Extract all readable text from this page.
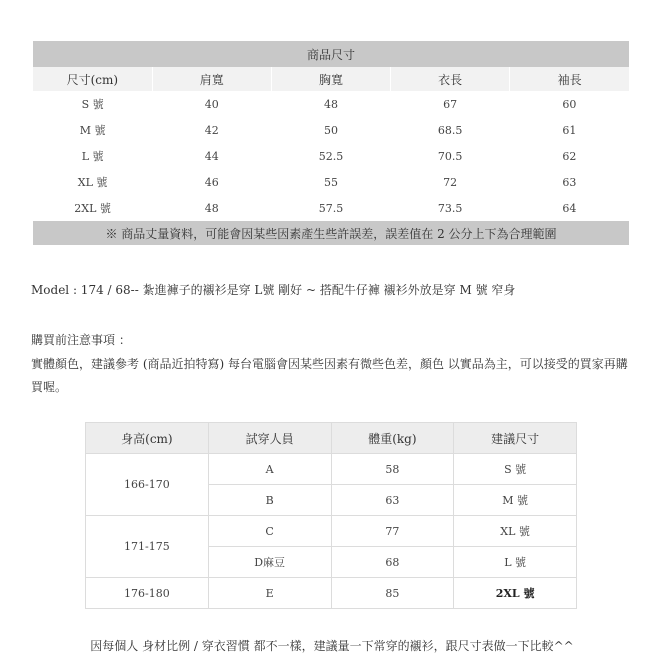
商品尺寸				
尺寸(cm)	肩寬	胸寬	衣長	袖長
S 號	40	48	67	60
M 號	42	50	68.5	61
L 號	44	52.5	70.5	62
XL 號	46	55	72	63
2XL 號	48	57.5	73.5	64
※ 商品丈量資料，可能會因某些因素產生些許誤差，誤差值在 2 公分上下為合理範圍				
Model : 174 / 68-- 紮進褲子的襯衫是穿 L號 剛好 ~ 搭配牛仔褲 襯衫外放是穿 M 號 窄身
購買前注意事項 ：
實體顏色，建議參考 (商品近拍特寫) 每台電腦會因某些因素有微些色差，顏色 以實品為主，可以接受的買家再購買喔。
身高(cm)	試穿人員	體重(kg)	建議尺寸
166-170	A	58	S 號
	B	63	M 號
171-175	C	77	XL 號
	D麻豆	68	L 號
176-180	E	85	2XL 號
因每個人 身材比例 / 穿衣習慣 都不一樣，建議量一下常穿的襯衫，跟尺寸表做一下比較^^
